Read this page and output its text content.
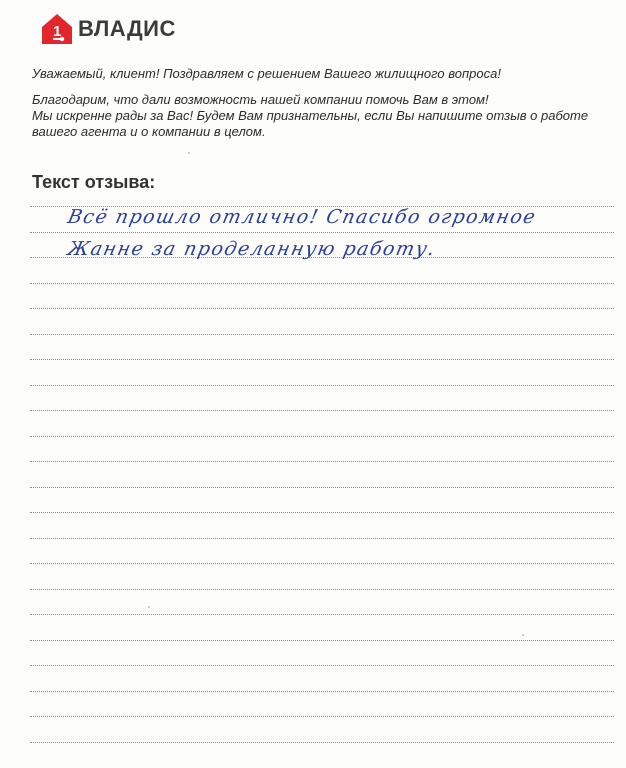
1 ВЛАДИС

Уважаемый, клиент! Поздравляем с решением Вашего жилищного вопроса!

Благодарим, что дали возможность нашей компании помочь Вам в этом!

Мы искренне рады за Вас! Будем Вам признательны, если Вы напишите отзыв о работе вашего агента и о компании в целом.

Текст отзыва:
Всё прошло отлично! Спасибо огромное
Жанне за проделанную работу.
